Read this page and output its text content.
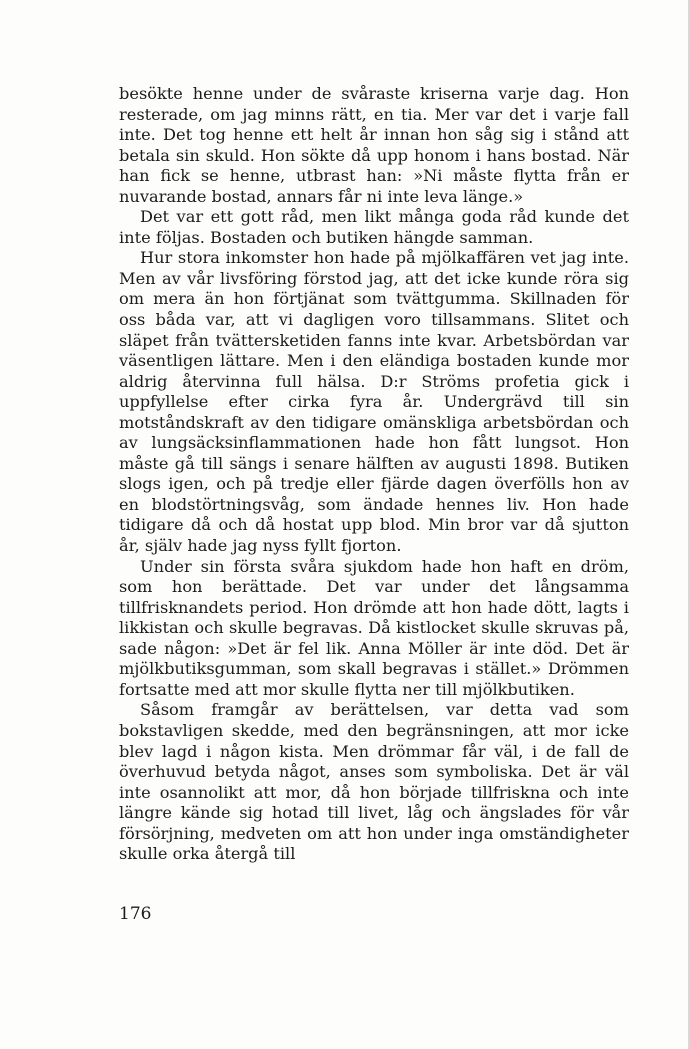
besökte henne under de svåraste kriserna varje dag. Hon resterade, om jag minns rätt, en tia. Mer var det i varje fall inte. Det tog henne ett helt år innan hon såg sig i stånd att betala sin skuld. Hon sökte då upp honom i hans bostad. När han fick se henne, utbrast han: »Ni måste flytta från er nuvarande bostad, annars får ni inte leva länge.»

Det var ett gott råd, men likt många goda råd kunde det inte följas. Bostaden och butiken hängde samman.

Hur stora inkomster hon hade på mjölkaffären vet jag inte. Men av vår livsföring förstod jag, att det icke kunde röra sig om mera än hon förtjänat som tvättgumma. Skillnaden för oss båda var, att vi dagligen voro tillsammans. Slitet och släpet från tvättersketiden fanns inte kvar. Arbetsbördan var väsentligen lättare. Men i den eländiga bostaden kunde mor aldrig återvinna full hälsa. D:r Ströms profetia gick i uppfyllelse efter cirka fyra år. Undergrävd till sin motståndskraft av den tidigare omänskliga arbetsbördan och av lungsäcksinflammationen hade hon fått lungsot. Hon måste gå till sängs i senare hälften av augusti 1898. Butiken slogs igen, och på tredje eller fjärde dagen överfölls hon av en blodstörtningsvåg, som ändade hennes liv. Hon hade tidigare då och då hostat upp blod. Min bror var då sjutton år, själv hade jag nyss fyllt fjorton.

Under sin första svåra sjukdom hade hon haft en dröm, som hon berättade. Det var under det långsamma tillfrisknandets period. Hon drömde att hon hade dött, lagts i likkistan och skulle begravas. Då kistlocket skulle skruvas på, sade någon: »Det är fel lik. Anna Möller är inte död. Det är mjölkbutiksgumman, som skall begravas i stället.» Drömmen fortsatte med att mor skulle flytta ner till mjölkbutiken.

Såsom framgår av berättelsen, var detta vad som bokstavligen skedde, med den begränsningen, att mor icke blev lagd i någon kista. Men drömmar får väl, i de fall de överhuvud betyda något, anses som symboliska. Det är väl inte osannolikt att mor, då hon började tillfriskna och inte längre kände sig hotad till livet, låg och ängslades för vår försörjning, medveten om att hon under inga omständigheter skulle orka återgå till

176
